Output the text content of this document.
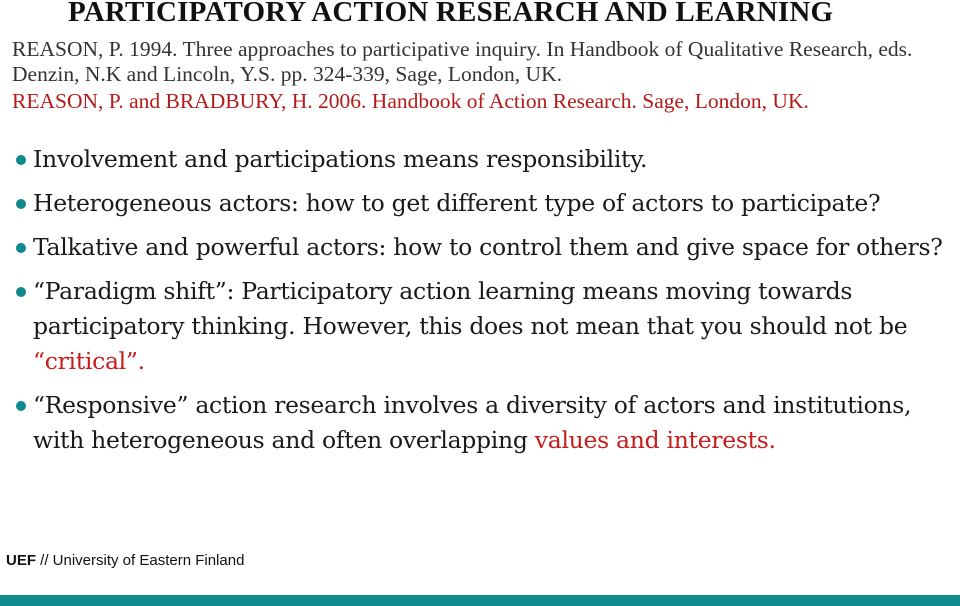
PARTICIPATORY ACTION RESEARCH AND LEARNING

REASON, P. 1994. Three approaches to participative inquiry. In Handbook of Qualitative Research, eds. Denzin, N.K and Lincoln, Y.S. pp. 324-339, Sage, London, UK.

REASON, P. and BRADBURY, H. 2006. Handbook of Action Research. Sage, London, UK.

Involvement and participations means responsibility.
Heterogeneous actors: how to get different type of actors to participate?
Talkative and powerful actors: how to control them and give space for others?
“Paradigm shift”: Participatory action learning means moving towards participatory thinking. However, this does not mean that you should not be “critical”.
“Responsive” action research involves a diversity of actors and institutions, with heterogeneous and often overlapping values and interests.
UEF // University of Eastern Finland
